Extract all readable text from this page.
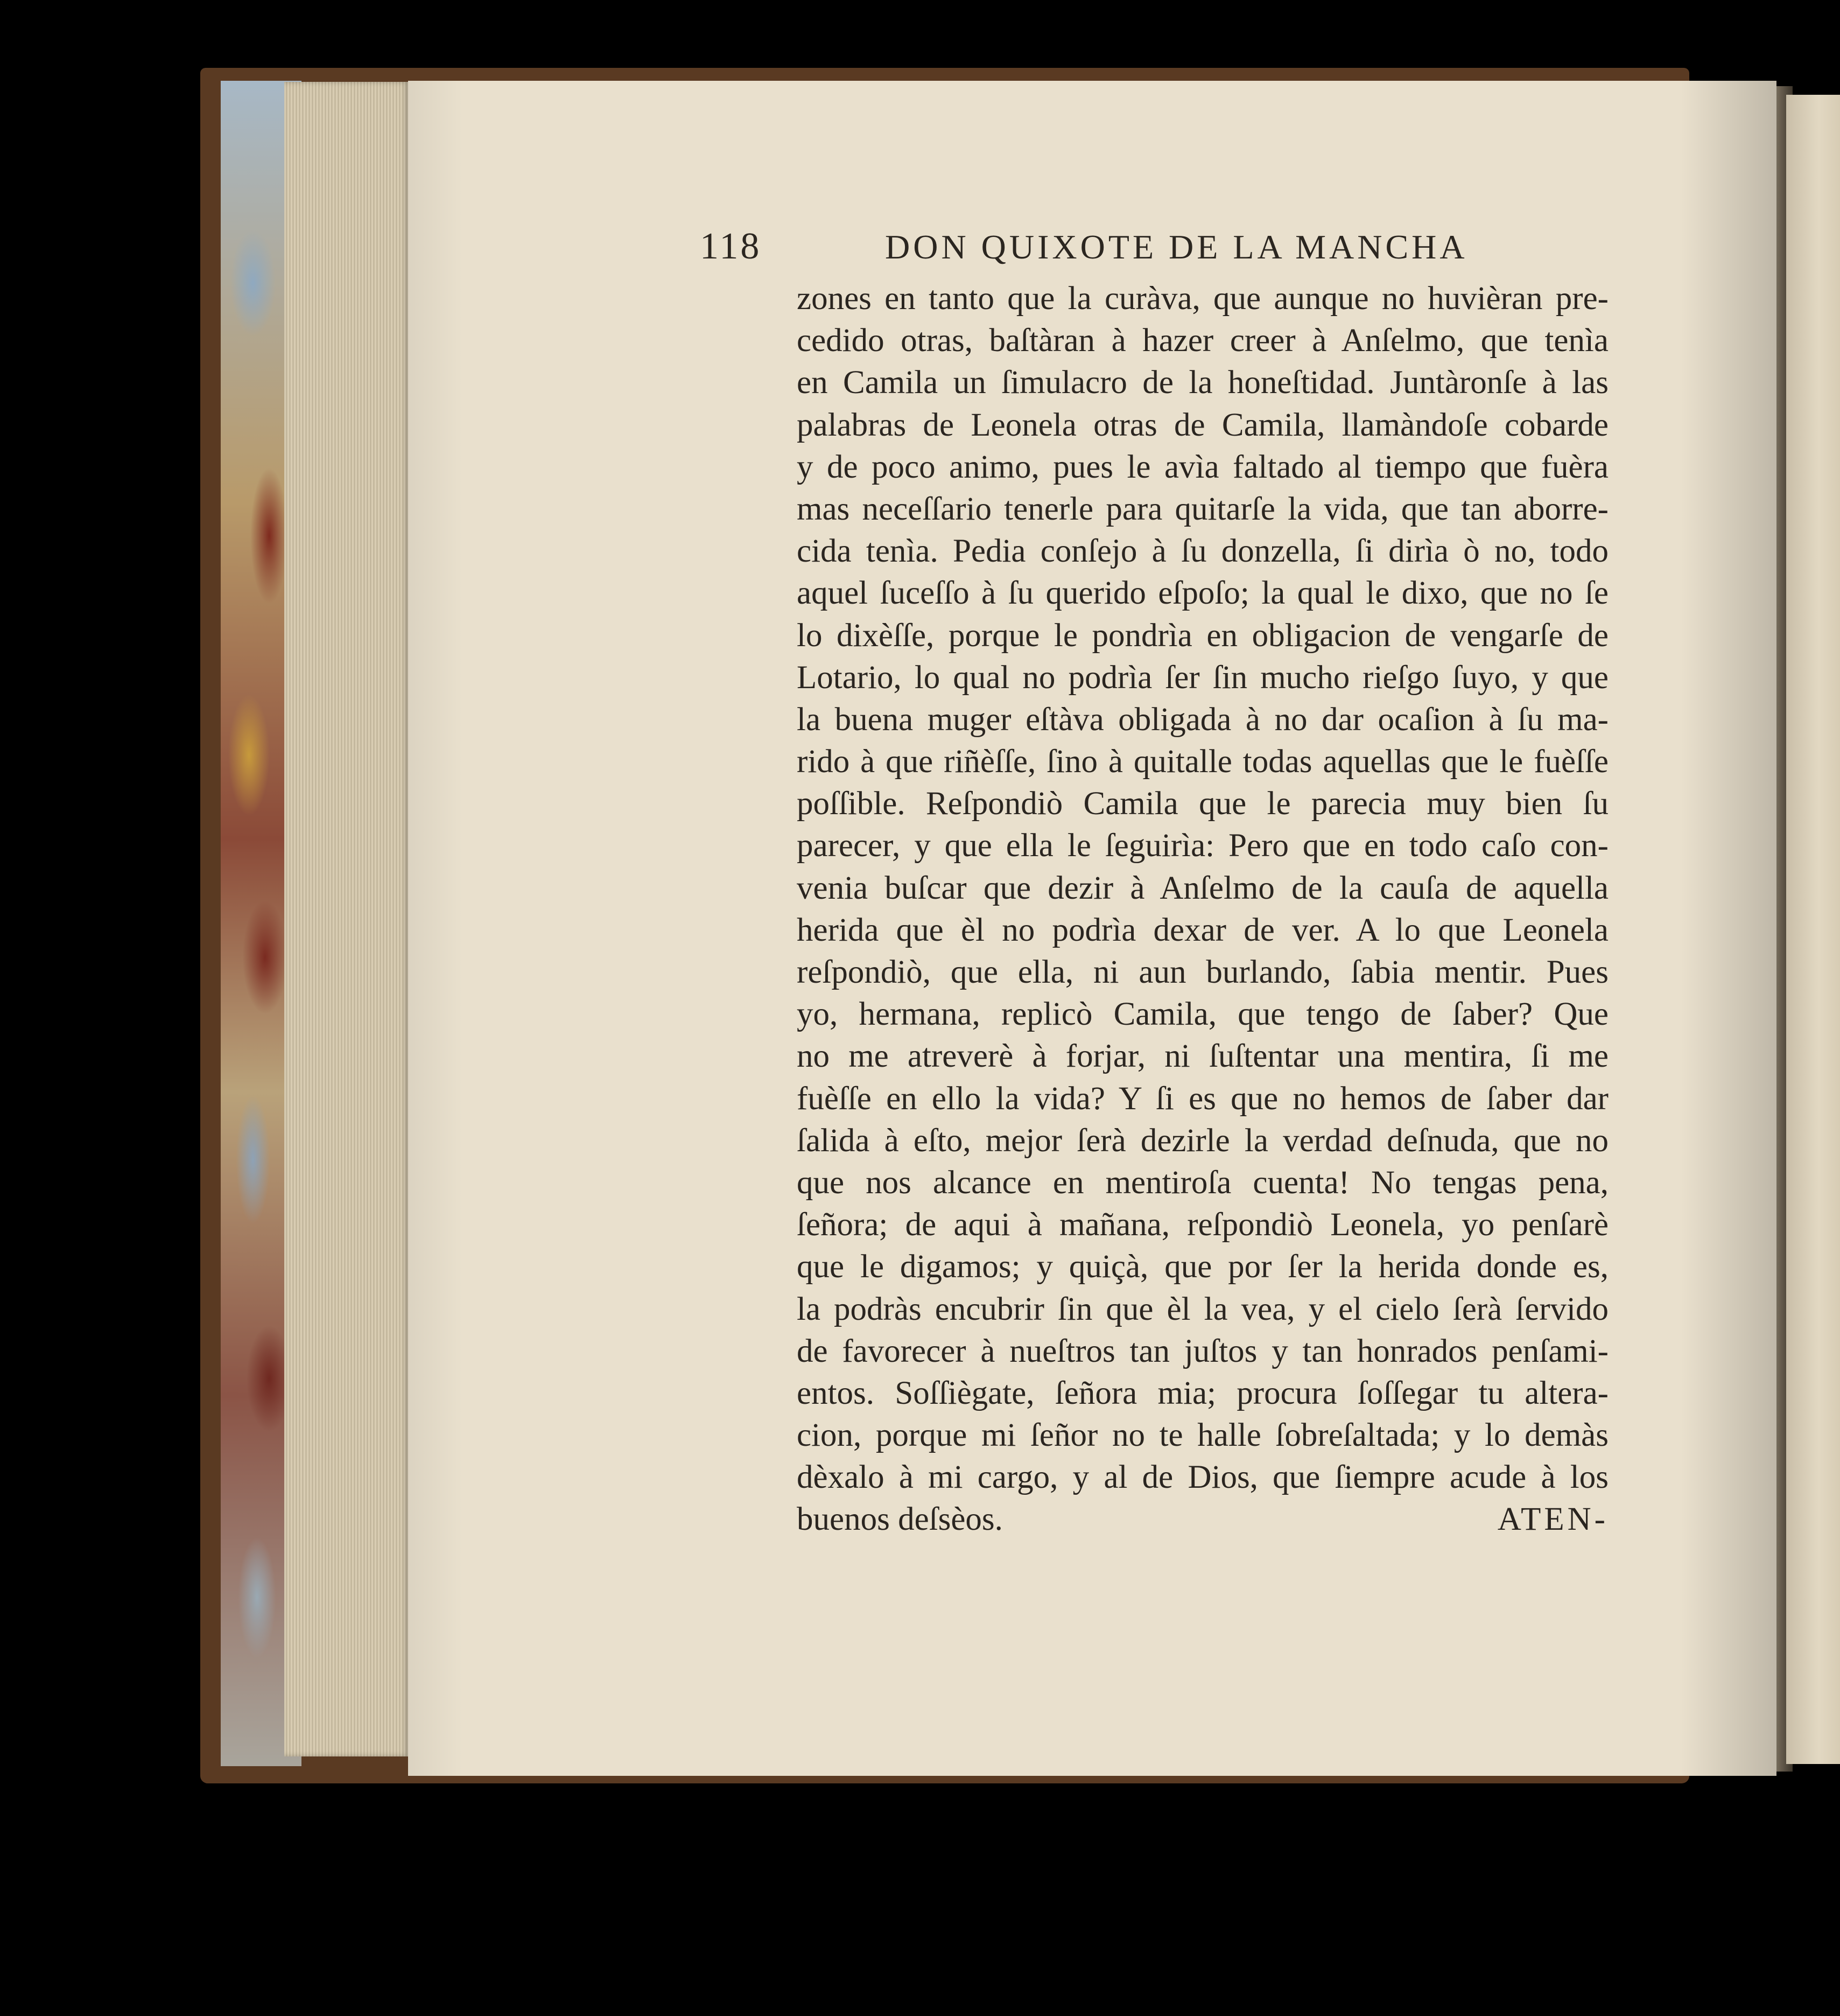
118	DON QUIXOTE DE LA MANCHA
zones en tanto que la curàva, que aunque no huvièran pre-
cedido otras, baſtàran à hazer creer à Anſelmo, que tenìa
en Camila un ſimulacro de la honeſtidad. Juntàronſe à las
palabras de Leonela otras de Camila, llamàndoſe cobarde
y de poco animo, pues le avìa faltado al tiempo que fuèra
mas neceſſario tenerle para quitarſe la vida, que tan aborre-
cida tenìa. Pedia conſejo à ſu donzella, ſi dirìa ò no, todo
aquel ſuceſſo à ſu querido eſpoſo; la qual le dixo, que no ſe
lo dixèſſe, porque le pondrìa en obligacion de vengarſe de
Lotario, lo qual no podrìa ſer ſin mucho rieſgo ſuyo, y que
la buena muger eſtàva obligada à no dar ocaſion à ſu ma-
rido à que riñèſſe, ſino à quitalle todas aquellas que le fuèſſe
poſſible. Reſpondiò Camila que le parecia muy bien ſu
parecer, y que ella le ſeguirìa: Pero que en todo caſo con-
venia buſcar que dezir à Anſelmo de la cauſa de aquella
herida que èl no podrìa dexar de ver. A lo que Leonela
reſpondiò, que ella, ni aun burlando, ſabia mentir. Pues
yo, hermana, replicò Camila, que tengo de ſaber? Que
no me atreverè à forjar, ni ſuſtentar una mentira, ſi me
fuèſſe en ello la vida? Y ſi es que no hemos de ſaber dar
ſalida à eſto, mejor ſerà dezirle la verdad deſnuda, que no
que nos alcance en mentiroſa cuenta! No tengas pena,
ſeñora; de aqui à mañana, reſpondiò Leonela, yo penſarè
que le digamos; y quiçà, que por ſer la herida donde es,
la podràs encubrir ſin que èl la vea, y el cielo ſerà ſervido
de favorecer à nueſtros tan juſtos y tan honrados penſami-
entos. Soſſiègate, ſeñora mia; procura ſoſſegar tu altera-
cion, porque mi ſeñor no te halle ſobreſaltada; y lo demàs
dèxalo à mi cargo, y al de Dios, que ſiempre acude à los
buenos deſsèos.	ATEN-
